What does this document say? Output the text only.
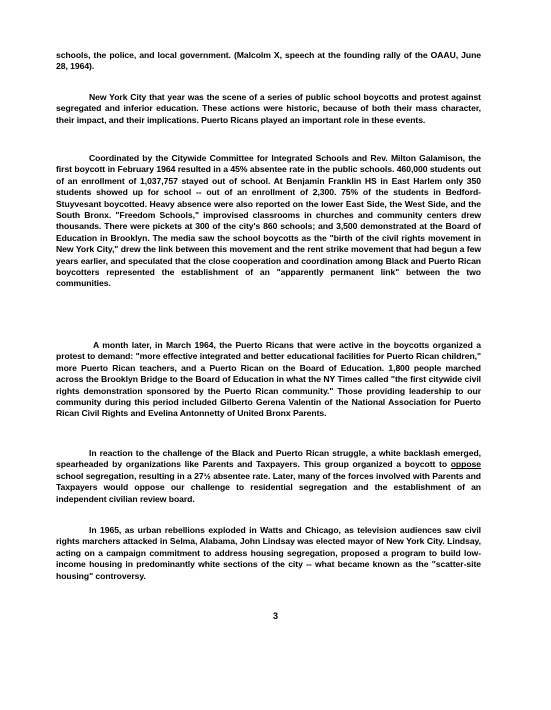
schools, the police, and local government. (Malcolm X, speech at the founding rally of the OAAU, June 28, 1964).

New York City that year was the scene of a series of public school boycotts and protest against segregated and inferior education. These actions were historic, because of both their mass character, their impact, and their implications. Puerto Ricans played an important role in these events.

Coordinated by the Citywide Committee for Integrated Schools and Rev. Milton Galamison, the first boycott in February 1964 resulted in a 45% absentee rate in the public schools. 460,000 students out of an enrollment of 1,037,757 stayed out of school. At Benjamin Franklin HS in East Harlem only 350 students showed up for school -- out of an enrollment of 2,300. 75% of the students in Bedford-Stuyvesant boycotted. Heavy absence were also reported on the lower East Side, the West Side, and the South Bronx. "Freedom Schools," improvised classrooms in churches and community centers drew thousands. There were pickets at 300 of the city's 860 schools; and 3,500 demonstrated at the Board of Education in Brooklyn. The media saw the school boycotts as the "birth of the civil rights movement in New York City," drew the link between this movement and the rent strike movement that had begun a few years earlier, and speculated that the close cooperation and coordination among Black and Puerto Rican boycotters represented the establishment of an "apparently permanent link" between the two communities.

A month later, in March 1964, the Puerto Ricans that were active in the boycotts organized a protest to demand: "more effective integrated and better educational facilities for Puerto Rican children," more Puerto Rican teachers, and a Puerto Rican on the Board of Education. 1,800 people marched across the Brooklyn Bridge to the Board of Education in what the NY Times called "the first citywide civil rights demonstration sponsored by the Puerto Rican community." Those providing leadership to our community during this period included Gilberto Gerena Valentin of the National Association for Puerto Rican Civil Rights and Evelina Antonnetty of United Bronx Parents.

In reaction to the challenge of the Black and Puerto Rican struggle, a white backlash emerged, spearheaded by organizations like Parents and Taxpayers. This group organized a boycott to oppose school segregation, resulting in a 27½ absentee rate. Later, many of the forces involved with Parents and Taxpayers would oppose our challenge to residential segregation and the establishment of an independent civilian review board.

In 1965, as urban rebellions exploded in Watts and Chicago, as television audiences saw civil rights marchers attacked in Selma, Alabama, John Lindsay was elected mayor of New York City. Lindsay, acting on a campaign commitment to address housing segregation, proposed a program to build low-income housing in predominantly white sections of the city -- what became known as the "scatter-site housing" controversy.

3
